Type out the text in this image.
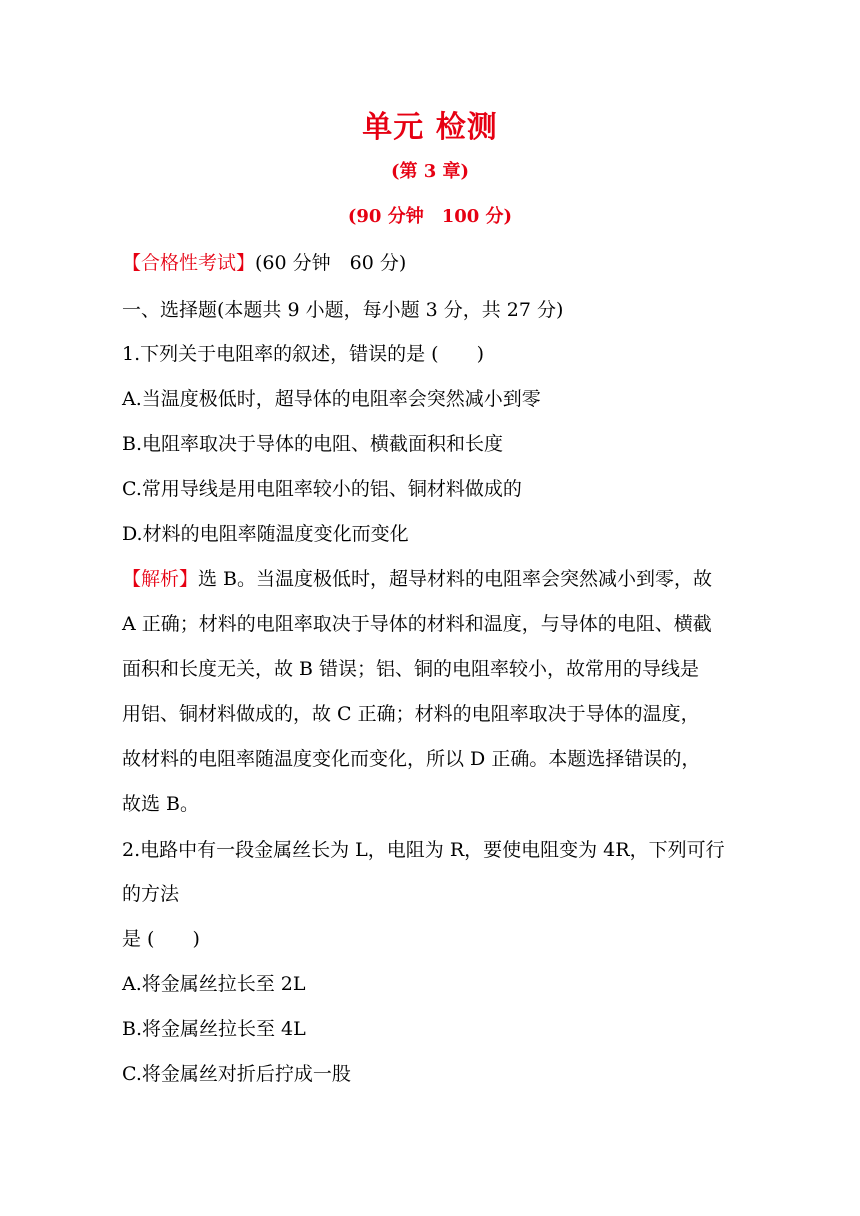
单元 检测
(第 3 章)
(90 分钟　100 分)
【合格性考试】(60 分钟　60 分)
一、选择题(本题共 9 小题，每小题 3 分，共 27 分)
1.下列关于电阻率的叙述，错误的是 (　　)
A.当温度极低时，超导体的电阻率会突然减小到零
B.电阻率取决于导体的电阻、横截面积和长度
C.常用导线是用电阻率较小的铝、铜材料做成的
D.材料的电阻率随温度变化而变化
【解析】选 B。当温度极低时，超导材料的电阻率会突然减小到零，故
A 正确；材料的电阻率取决于导体的材料和温度，与导体的电阻、横截
面积和长度无关，故 B 错误；铝、铜的电阻率较小，故常用的导线是
用铝、铜材料做成的，故 C 正确；材料的电阻率取决于导体的温度，
故材料的电阻率随温度变化而变化，所以 D 正确。本题选择错误的，
故选 B。
2.电路中有一段金属丝长为 L，电阻为 R，要使电阻变为 4R，下列可行
的方法
是 (　　)
A.将金属丝拉长至 2L
B.将金属丝拉长至 4L
C.将金属丝对折后拧成一股
